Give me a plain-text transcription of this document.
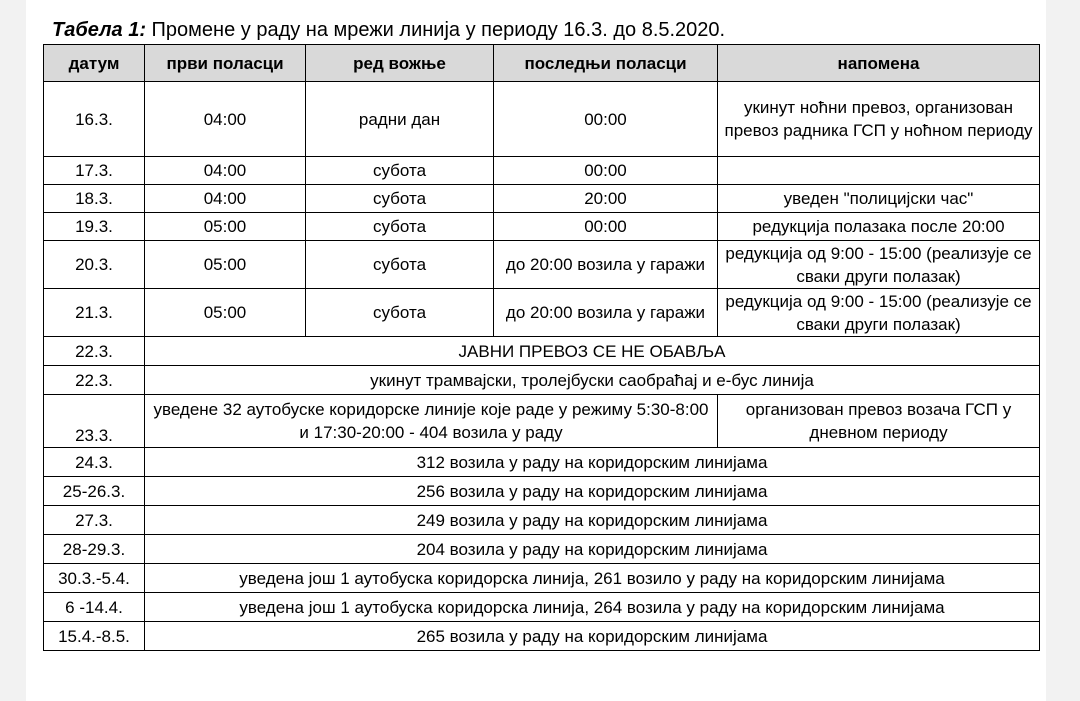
Табела 1: Промене у раду на мрежи линија у периоду 16.3. до 8.5.2020.
датум	први поласци	ред вожње	последњи поласци	напомена
16.3.	04:00	радни дан	00:00	укинут ноћни превоз, организован превоз радника ГСП у ноћном периоду
17.3.	04:00	субота	00:00	
18.3.	04:00	субота	20:00	уведен "полицијски час"
19.3.	05:00	субота	00:00	редукција полазака после 20:00
20.3.	05:00	субота	до 20:00 возила у гаражи	редукција од 9:00 - 15:00 (реализује се сваки други полазак)
21.3.	05:00	субота	до 20:00 возила у гаражи	редукција од 9:00 - 15:00 (реализује се сваки други полазак)
22.3.	ЈАВНИ ПРЕВОЗ СЕ НЕ ОБАВЉА			
22.3.	укинут трамвајски, тролејбуски саобраћај и е-бус линија			
23.3.	уведене 32 аутобуске коридорске линије које раде у режиму 5:30-8:00 и 17:30-20:00 - 404 возила у раду			организован превоз возача ГСП у дневном периоду
24.3.	312 возила у раду на коридорским линијама			
25-26.3.	256 возила у раду на коридорским линијама			
27.3.	249 возила у раду на коридорским линијама			
28-29.3.	204 возила у раду на коридорским линијама			
30.3.-5.4.	уведена још 1 аутобуска коридорска линија, 261 возило у раду на коридорским линијама			
6 -14.4.	уведена још 1 аутобуска коридорска линија, 264 возила у раду на коридорским линијама			
15.4.-8.5.	265 возила у раду на коридорским линијама			
